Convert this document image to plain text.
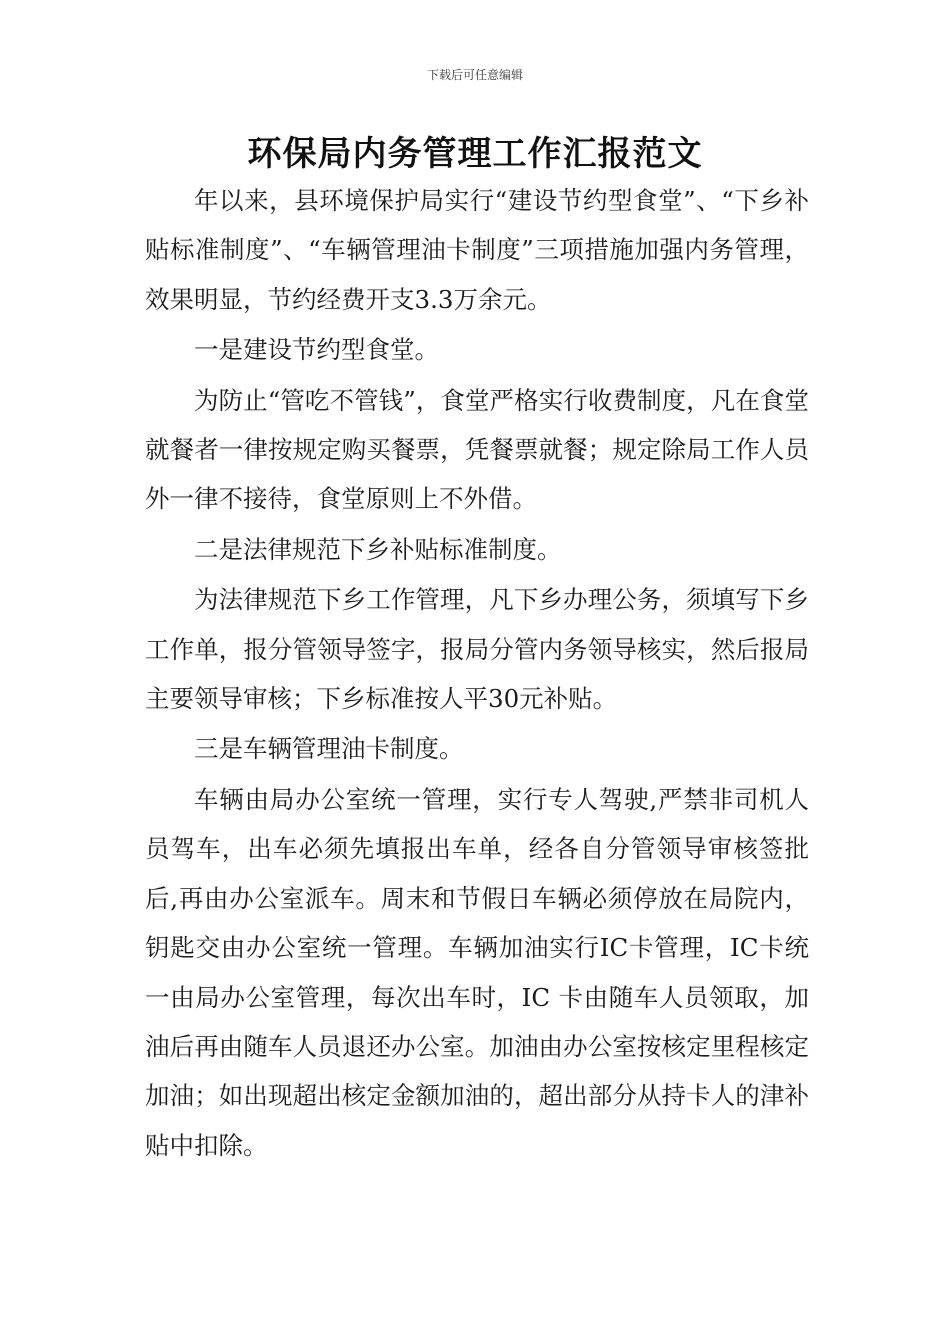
下载后可任意编辑
环保局内务管理工作汇报范文

年以来，县环境保护局实行“建设节约型食堂”、“下乡补贴标准制度”、“车辆管理油卡制度”三项措施加强内务管理，效果明显，节约经费开支3.3万余元。

一是建设节约型食堂。

为防止“管吃不管钱”，食堂严格实行收费制度，凡在食堂就餐者一律按规定购买餐票，凭餐票就餐；规定除局工作人员外一律不接待，食堂原则上不外借。

二是法律规范下乡补贴标准制度。

为法律规范下乡工作管理，凡下乡办理公务，须填写下乡工作单，报分管领导签字，报局分管内务领导核实，然后报局主要领导审核；下乡标准按人平30元补贴。

三是车辆管理油卡制度。

车辆由局办公室统一管理，实行专人驾驶,严禁非司机人员驾车，出车必须先填报出车单，经各自分管领导审核签批后,再由办公室派车。周末和节假日车辆必须停放在局院内，钥匙交由办公室统一管理。车辆加油实行IC卡管理，IC卡统一由局办公室管理，每次出车时，IC 卡由随车人员领取，加油后再由随车人员退还办公室。加油由办公室按核定里程核定加油；如出现超出核定金额加油的，超出部分从持卡人的津补贴中扣除。
